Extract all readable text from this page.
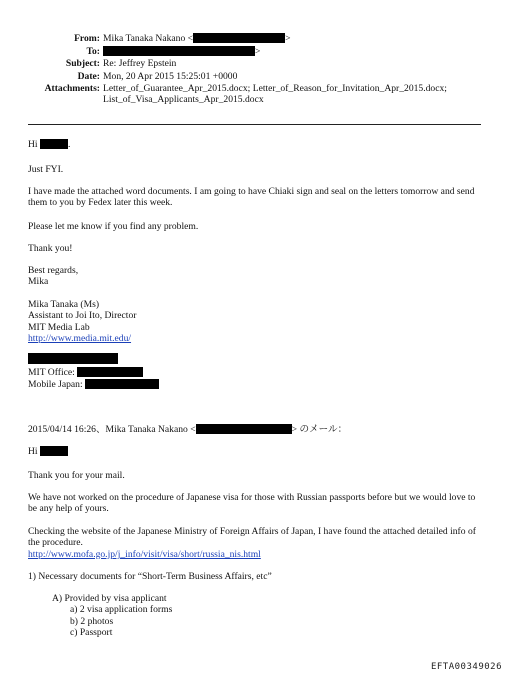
From: Mika Tanaka Nakano <	>
To:	>
Subject: Re: Jeffrey Epstein
Date: Mon, 20 Apr 2015 15:25:01 +0000
Attachments: Letter_of_Guarantee_Apr_2015.docx; Letter_of_Reason_for_Invitation_Apr_2015.docx;
List_of_Visa_Applicants_Apr_2015.docx
Hi	.

Just FYI.

I have made the attached word documents. I am going to have Chiaki sign and seal on the letters tomorrow and send them to you by Fedex later this week.

Please let me know if you find any problem.

Thank you!

Best regards,
Mika
Mika Tanaka (Ms)
Assistant to Joi Ito, Director
MIT Media Lab
http://www.media.mit.edu/
MIT Office:
Mobile Japan:
2015/04/14 16:26、Mika Tanaka Nakano <	> のメール：
Hi

Thank you for your mail.

We have not worked on the procedure of Japanese visa for those with Russian passports before but we would love to be any help of yours.

Checking the website of the Japanese Ministry of Foreign Affairs of Japan, I have found the attached detailed info of the procedure.

http://www.mofa.go.jp/j_info/visit/visa/short/russia_nis.html

1) Necessary documents for “Short-Term Business Affairs, etc”

A) Provided by visa applicant
a) 2 visa application forms
b) 2 photos
c) Passport
EFTA00349026
